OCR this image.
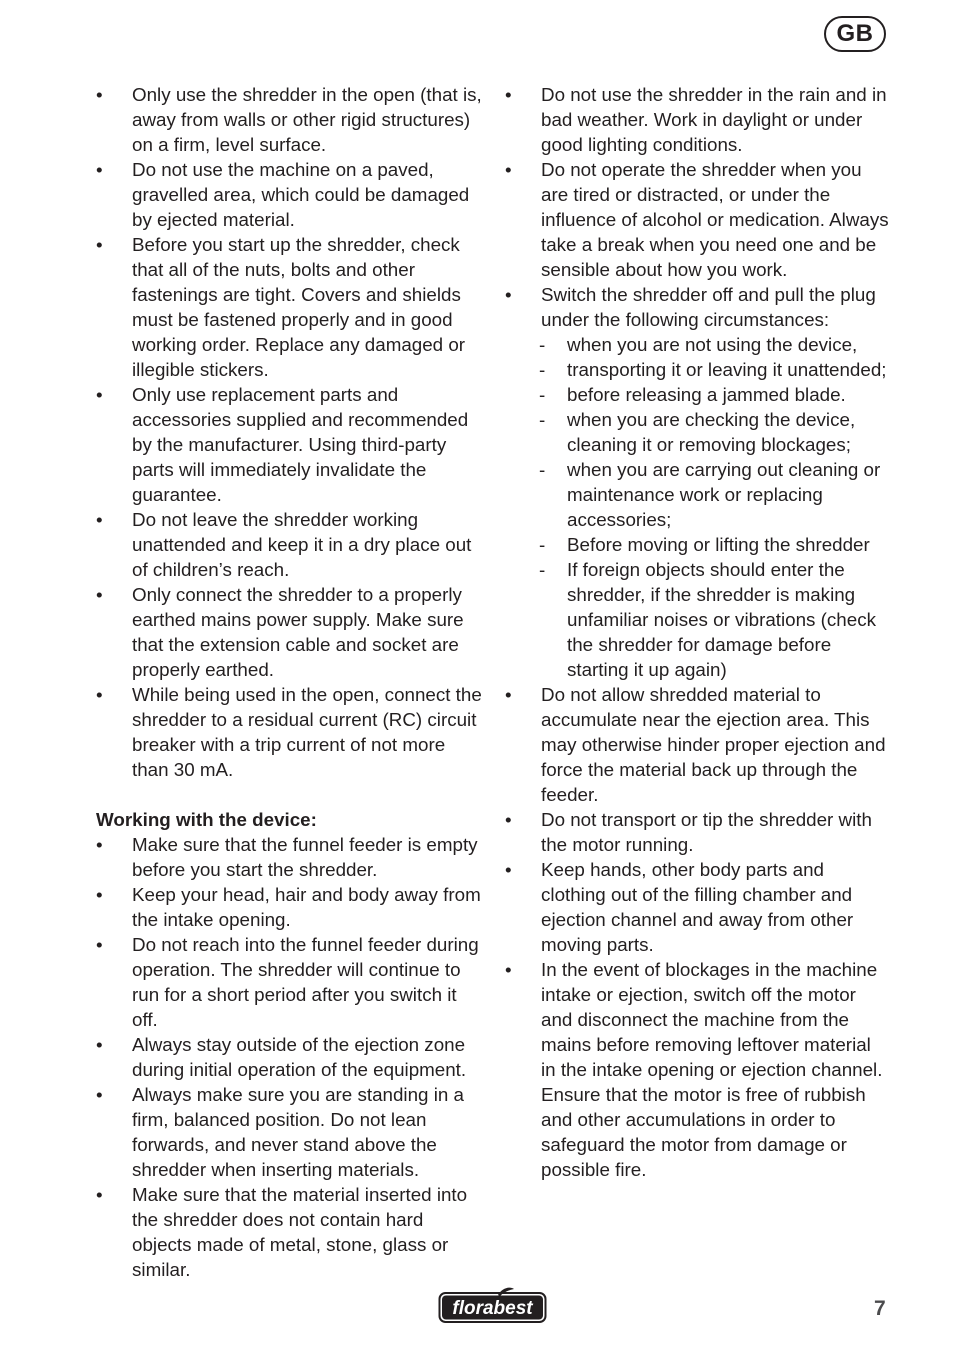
GB
•	Only use the shredder in the open (that is, away from walls or other rigid structures) on a firm, level surface.
•	Do not use the machine on a paved, gravelled area, which could be damaged by ejected material.
•	Before you start up the shredder, check that all of the nuts, bolts and other fastenings are tight. Covers and shields must be fastened properly and in good working order. Replace any damaged or illegible stickers.
•	Only use replacement parts and accessories supplied and recommended by the manufacturer. Using third-party parts will immediately invalidate the guarantee.
•	Do not leave the shredder working unattended and keep it in a dry place out of children’s reach.
•	Only connect the shredder to a properly earthed mains power supply. Make sure that the extension cable and socket are properly earthed.
•	While being used in the open, connect the shredder to a residual current (RC) circuit breaker with a trip current of not more than 30 mA.
Working with the device:
•	Make sure that the funnel feeder is empty before you start the shredder.
•	Keep your head, hair and body away from the intake opening.
•	Do not reach into the funnel feeder during operation. The shredder will continue to run for a short period after you switch it off.
•	Always stay outside of the ejection zone during initial operation of the equipment.
•	Always make sure you are standing in a firm, balanced position. Do not lean forwards, and never stand above the shredder when inserting materials.
•	Make sure that the material inserted into the shredder does not contain hard objects made of metal, stone, glass or similar.
•	Do not use the shredder in the rain and in bad weather. Work in daylight or under good lighting conditions.
•	Do not operate the shredder when you are tired or distracted, or under the influence of alcohol or medication. Always take a break when you need one and be sensible about how you work.
•	Switch the shredder off and pull the plug under the following circumstances:
- when you are not using the device,
- transporting it or leaving it unattended;
- before releasing a jammed blade.
- when you are checking the device, cleaning it or removing blockages;
- when you are carrying out cleaning or maintenance work or replacing accessories;
- Before moving or lifting the shredder
- If foreign objects should enter the shredder, if the shredder is making unfamiliar noises or vibrations (check the shredder for damage before starting it up again)
•	Do not allow shredded material to accumulate near the ejection area. This may otherwise hinder proper ejection and force the material back up through the feeder.
•	Do not transport or tip the shredder with the motor running.
•	Keep hands, other body parts and clothing out of the filling chamber and ejection channel and away from other moving parts.
•	In the event of blockages in the machine intake or ejection, switch off the motor and disconnect the machine from the mains before removing leftover material in the intake opening or ejection channel. Ensure that the motor is free of rubbish and other accumulations in order to safeguard the motor from damage or possible fire.
florabest	7
